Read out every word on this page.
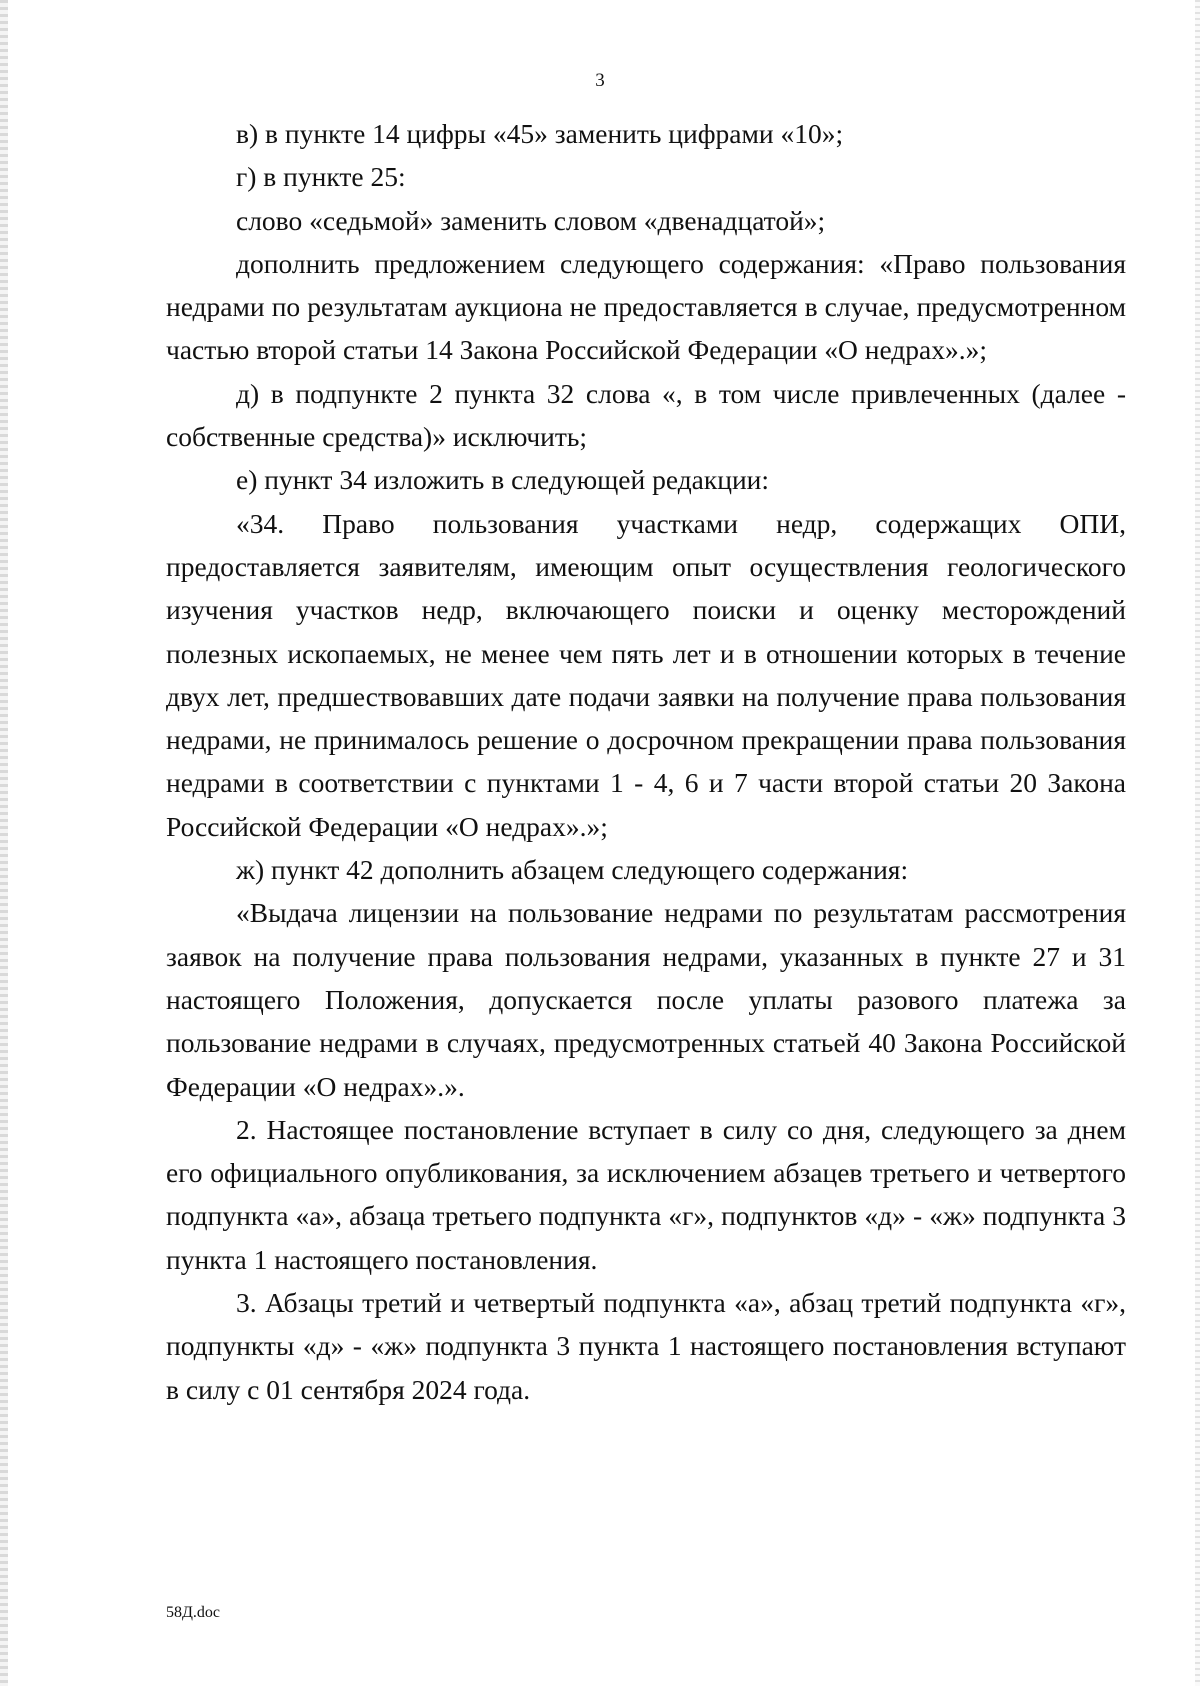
3

в) в пункте 14 цифры «45» заменить цифрами «10»;

г) в пункте 25:

слово «седьмой» заменить словом «двенадцатой»;

дополнить предложением следующего содержания: «Право пользования недрами по результатам аукциона не предоставляется в случае, предусмотренном частью второй статьи 14 Закона Российской Федерации «О недрах».»;

д) в подпункте 2 пункта 32 слова «, в том числе привлеченных (далее - собственные средства)» исключить;

е) пункт 34 изложить в следующей редакции:

«34. Право пользования участками недр, содержащих ОПИ, предоставляется заявителям, имеющим опыт осуществления геологического изучения участков недр, включающего поиски и оценку месторождений полезных ископаемых, не менее чем пять лет и в отношении которых в течение двух лет, предшествовавших дате подачи заявки на получение права пользования недрами, не принималось решение о досрочном прекращении права пользования недрами в соответствии с пунктами 1 - 4, 6 и 7 части второй статьи 20 Закона Российской Федерации «О недрах».»;

ж) пункт 42 дополнить абзацем следующего содержания:

«Выдача лицензии на пользование недрами по результатам рассмотрения заявок на получение права пользования недрами, указанных в пункте 27 и 31 настоящего Положения, допускается после уплаты разового платежа за пользование недрами в случаях, предусмотренных статьей 40 Закона Российской Федерации «О недрах».».

2. Настоящее постановление вступает в силу со дня, следующего за днем его официального опубликования, за исключением абзацев третьего и четвертого подпункта «а», абзаца третьего подпункта «г», подпунктов «д» - «ж» подпункта 3 пункта 1 настоящего постановления.

3. Абзацы третий и четвертый подпункта «а», абзац третий подпункта «г», подпункты «д» - «ж» подпункта 3 пункта 1 настоящего постановления вступают в силу с 01 сентября 2024 года.

58Д.doc
